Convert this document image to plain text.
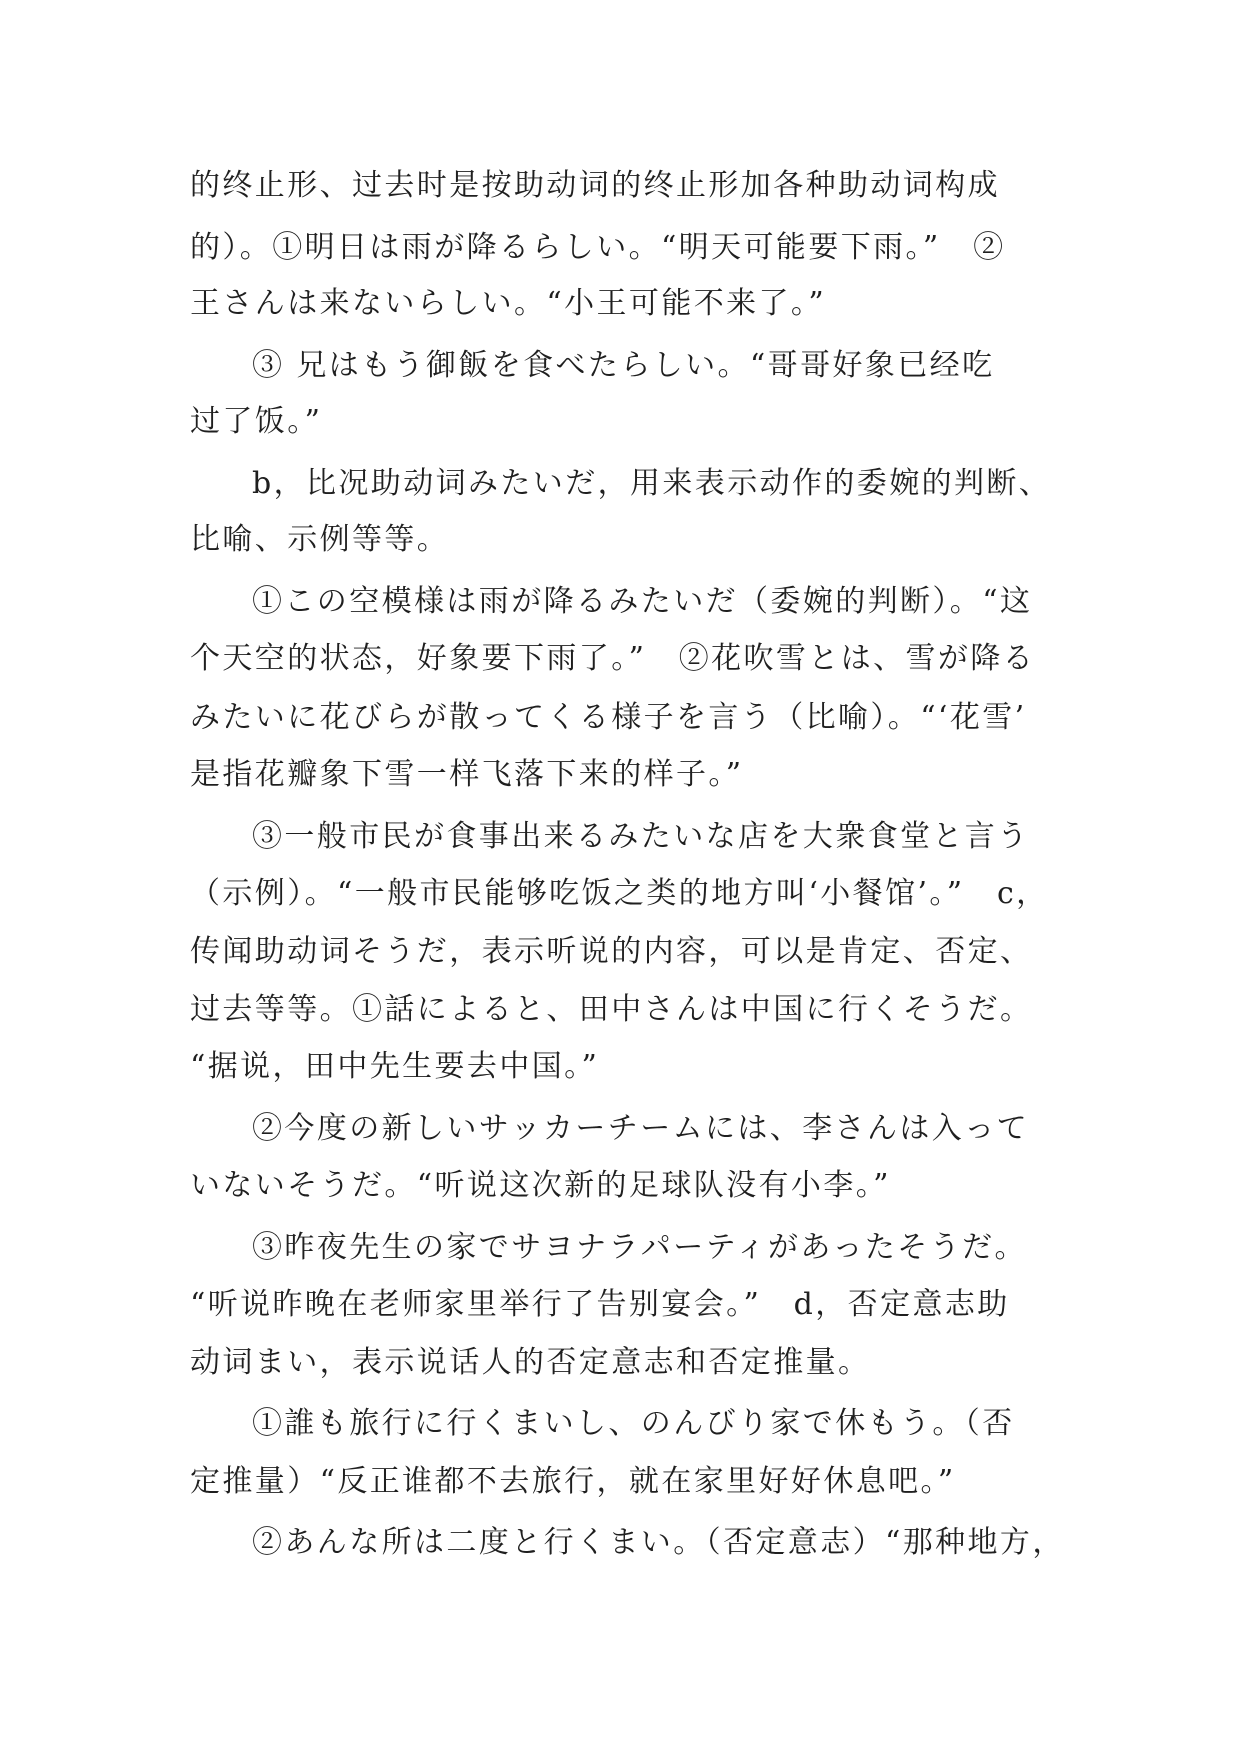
的终止形、过去时是按助动词的终止形加各种助动词构成
的）。①明日は雨が降るらしい。“明天可能要下雨。”　②
王さんは来ないらしい。“小王可能不来了。”
③ 兄はもう御飯を食べたらしい。“哥哥好象已经吃
过了饭。”
b，比况助动词みたいだ，用来表示动作的委婉的判断、
比喻、示例等等。
①この空模様は雨が降るみたいだ（委婉的判断）。“这
个天空的状态，好象要下雨了。”　②花吹雪とは、雪が降る
みたいに花びらが散ってくる様子を言う（比喻）。“‘花雪’
是指花瓣象下雪一样飞落下来的样子。”
③一般市民が食事出来るみたいな店を大衆食堂と言う
（示例）。“一般市民能够吃饭之类的地方叫‘小餐馆’。”　c，
传闻助动词そうだ，表示听说的内容，可以是肯定、否定、
过去等等。①話によると、田中さんは中国に行くそうだ。
“据说，田中先生要去中国。”
②今度の新しいサッカーチームには、李さんは入って
いないそうだ。“听说这次新的足球队没有小李。”
③昨夜先生の家でサヨナラパーティがあったそうだ。
“听说昨晚在老师家里举行了告别宴会。”　d，否定意志助
动词まい，表示说话人的否定意志和否定推量。
①誰も旅行に行くまいし、のんびり家で休もう。（否
定推量）“反正谁都不去旅行，就在家里好好休息吧。”
②あんな所は二度と行くまい。（否定意志）“那种地方，
